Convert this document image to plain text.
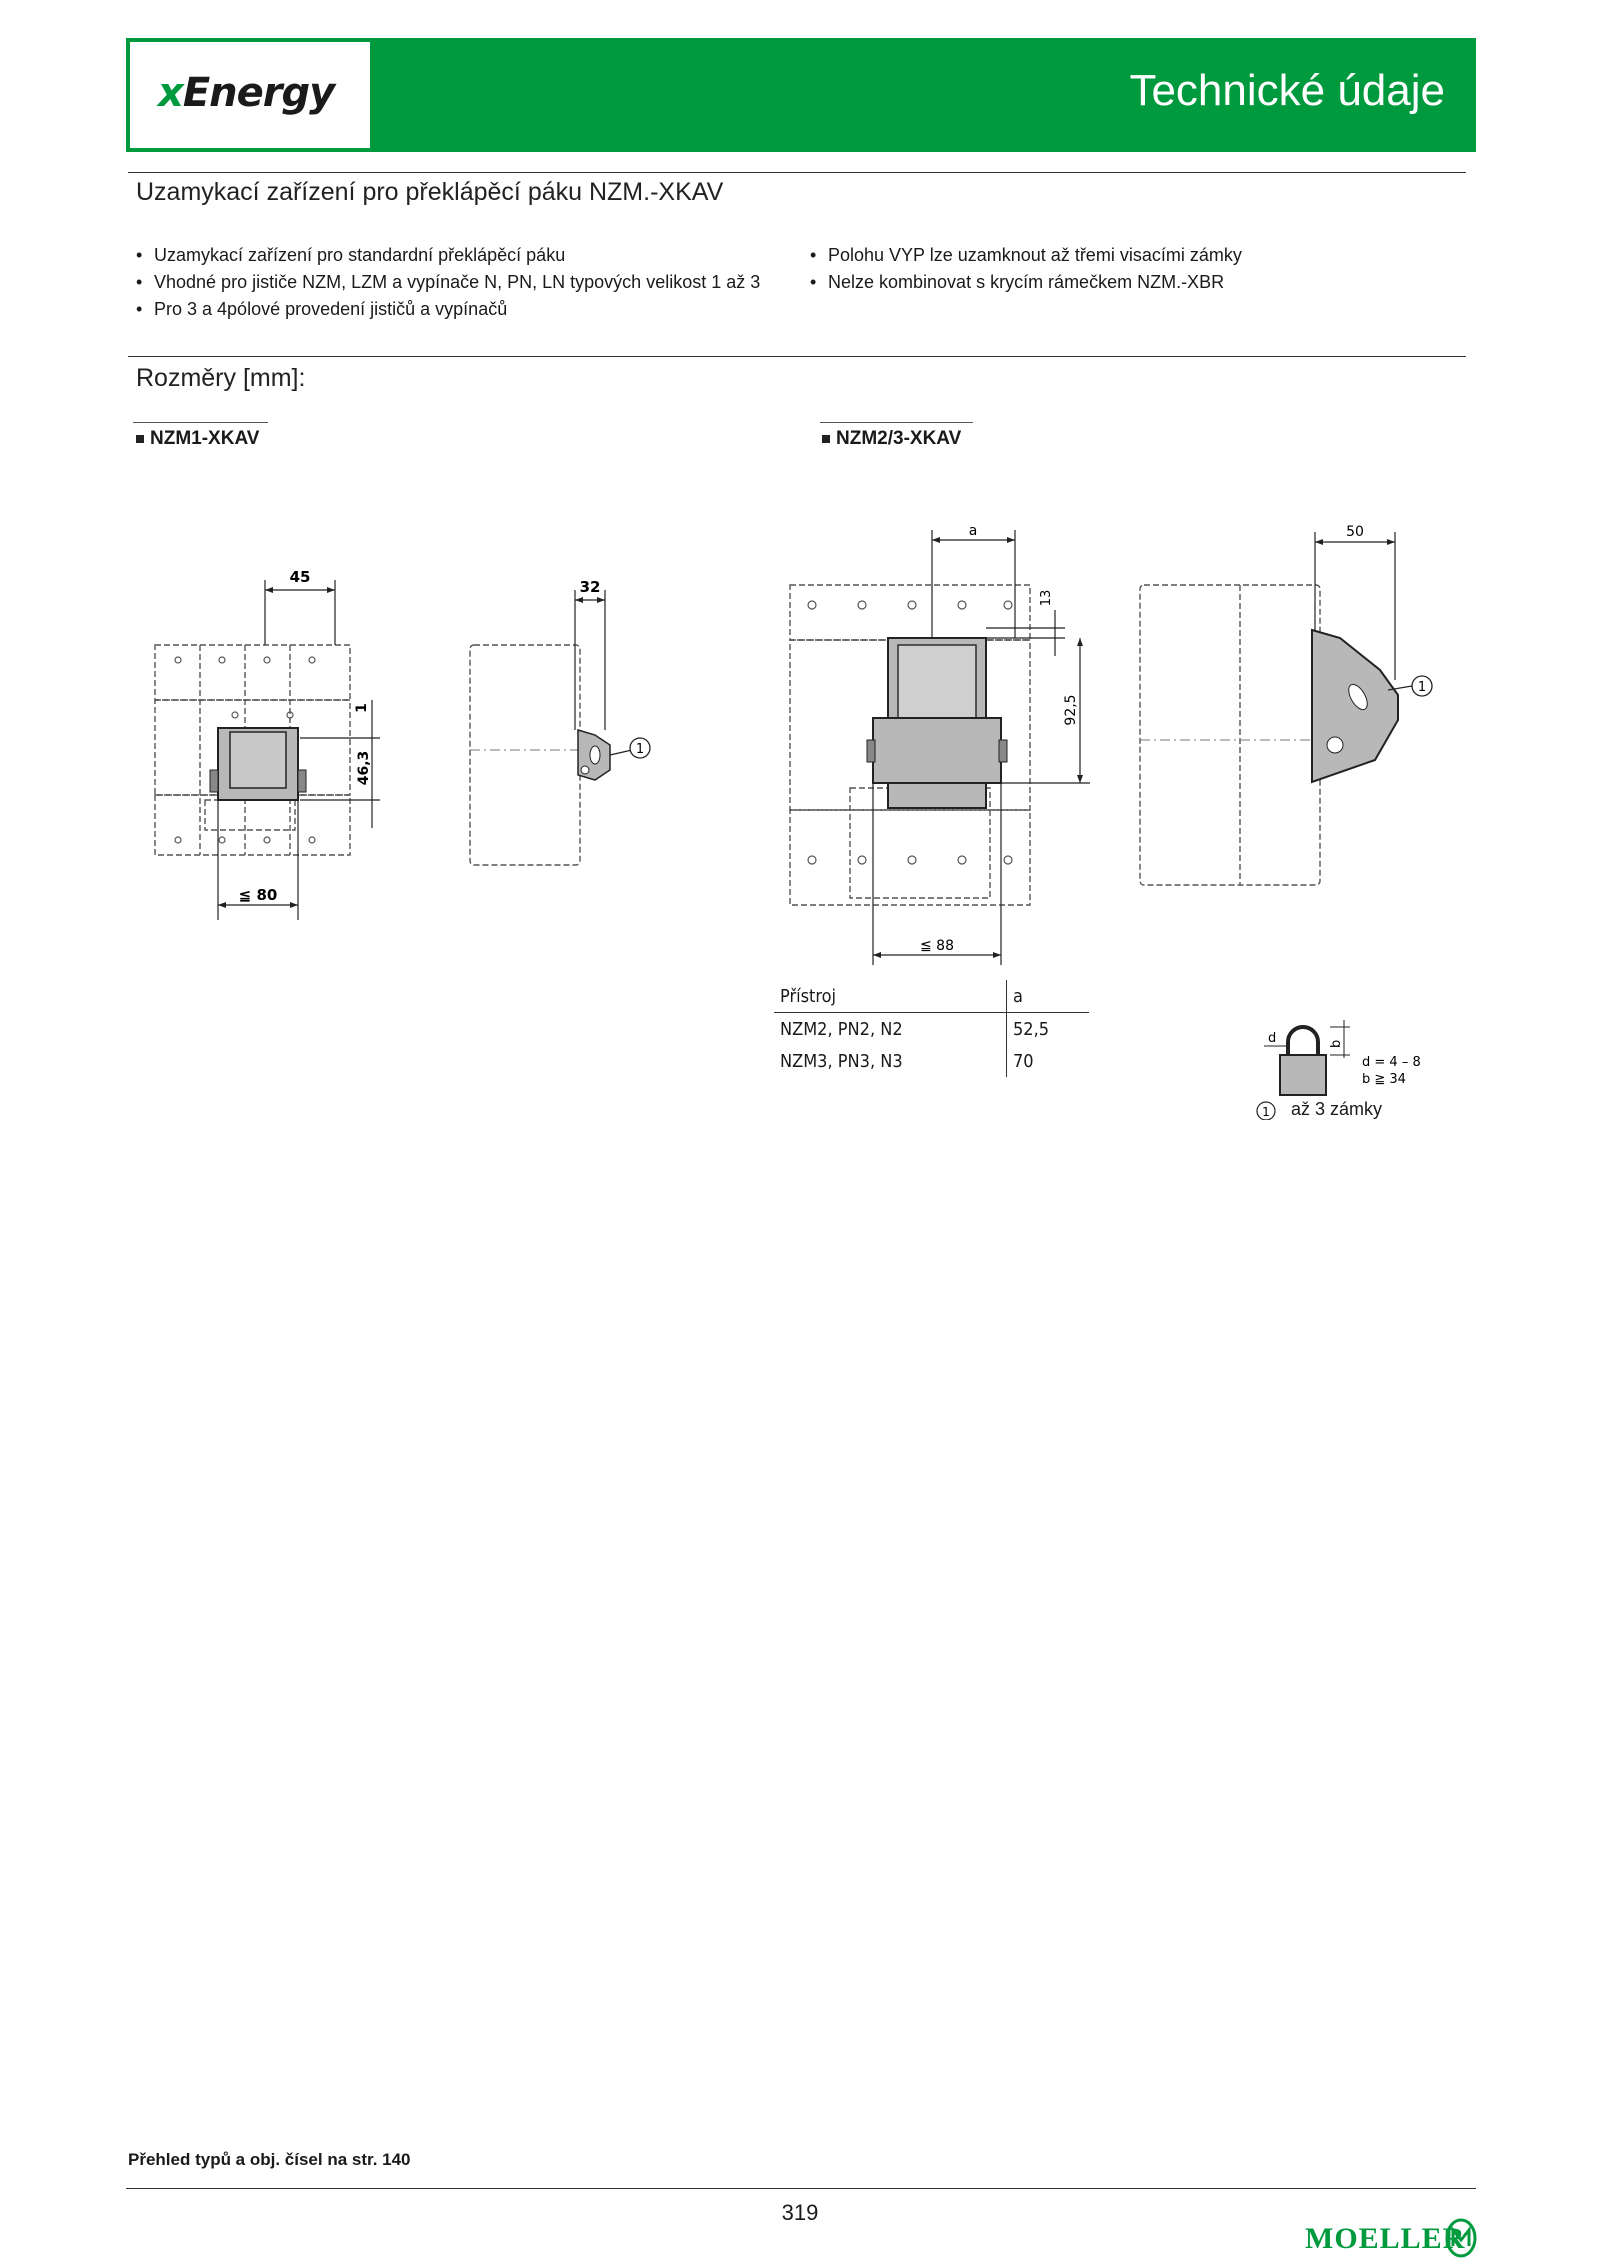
xEnergy	Technické údaje
Uzamykací zařízení pro překlápěcí páku NZM.-XKAV
• Uzamykací zařízení pro standardní překlápěcí páku
• Vhodné pro jističe NZM, LZM a vypínače N, PN, LN typových velikost 1 až 3
• Pro 3 a 4pólové provedení jističů a vypínačů
• Polohu VYP lze uzamknout až třemi visacími zámky
• Nelze kombinovat s krycím rámečkem NZM.-XBR
Rozměry [mm]:
NZM1-XKAV	NZM2/3-XKAV
45
1
46,3
≦ 80
1
32
a
13
92,5
≦ 88
1
50
Přístroj	a
NZM2, PN2, N2	52,5
NZM3, PN3, N3	70
d	b
d = 4 – 8
b ≧ 34
1 až 3 zámky
Přehled typů a obj. čísel na str. 140
319
MOELLER
